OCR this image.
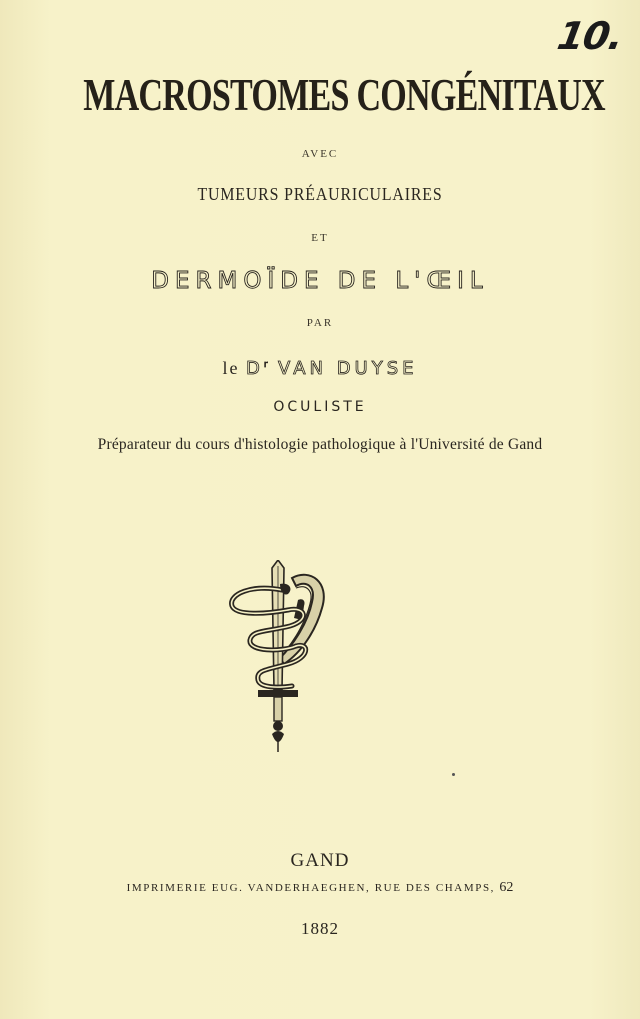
10.
MACROSTOMES CONGÉNITAUX
AVEC
TUMEURS PRÉAURICULAIRES
ET
DERMOÏDE DE L'ŒIL
PAR
le $D^r$ VAN DUYSE
OCULISTE
Préparateur du cours d'histologie pathologique à l'Université de Gand
GAND
IMPRIMERIE EUG. VANDERHAEGHEN, RUE DES CHAMPS, 62
1882
